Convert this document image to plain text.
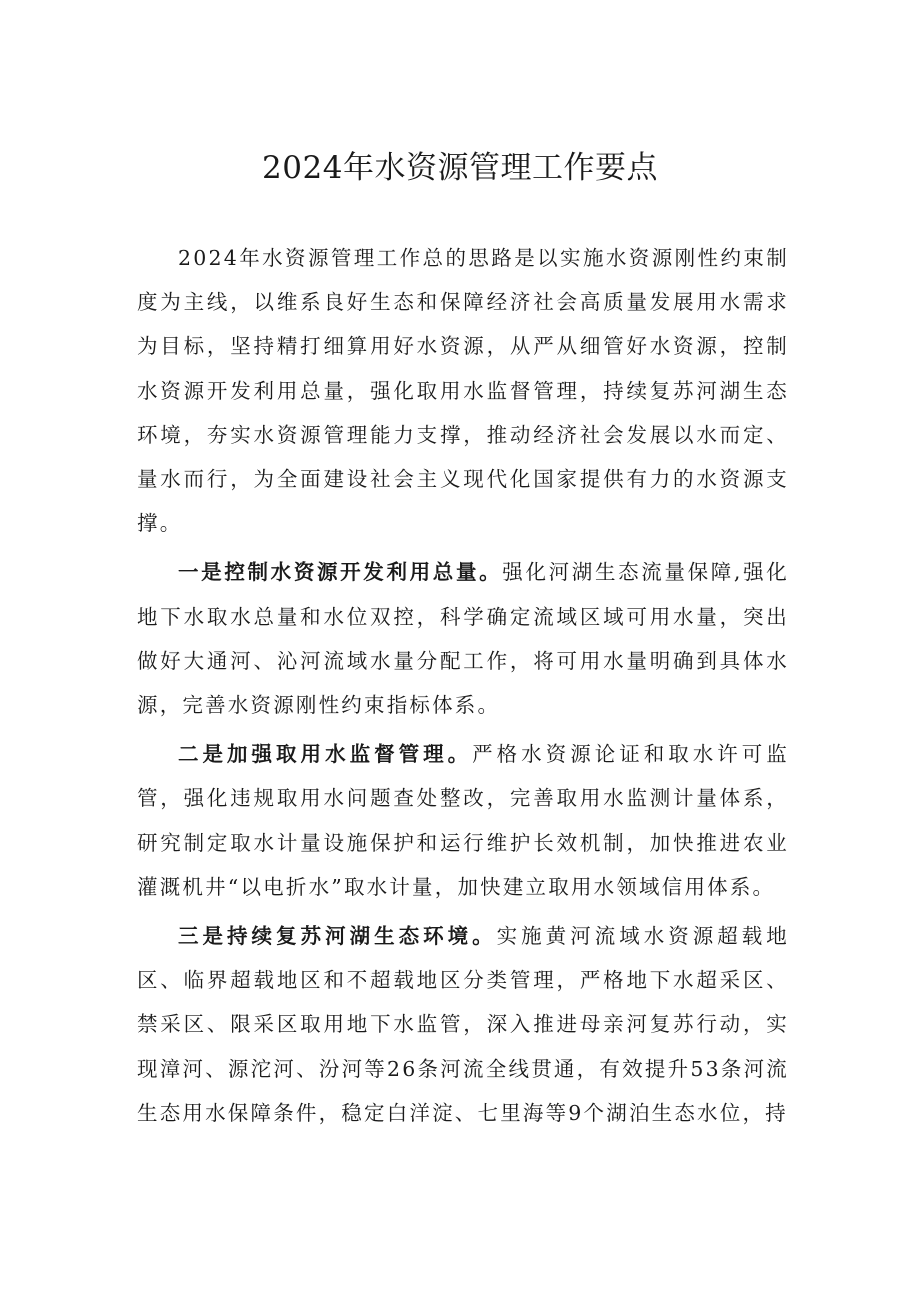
2024年水资源管理工作要点

2024年水资源管理工作总的思路是以实施水资源刚性约束制度为主线，以维系良好生态和保障经济社会高质量发展用水需求为目标，坚持精打细算用好水资源，从严从细管好水资源，控制水资源开发利用总量，强化取用水监督管理，持续复苏河湖生态环境，夯实水资源管理能力支撑，推动经济社会发展以水而定、量水而行，为全面建设社会主义现代化国家提供有力的水资源支撑。

一是控制水资源开发利用总量。强化河湖生态流量保障,强化地下水取水总量和水位双控，科学确定流域区域可用水量，突出做好大通河、沁河流域水量分配工作，将可用水量明确到具体水源，完善水资源刚性约束指标体系。

二是加强取用水监督管理。严格水资源论证和取水许可监管，强化违规取用水问题查处整改，完善取用水监测计量体系，研究制定取水计量设施保护和运行维护长效机制，加快推进农业灌溉机井“以电折水”取水计量，加快建立取用水领域信用体系。

三是持续复苏河湖生态环境。实施黄河流域水资源超载地区、临界超载地区和不超载地区分类管理，严格地下水超采区、禁采区、限采区取用地下水监管，深入推进母亲河复苏行动，实现漳河、源沱河、汾河等26条河流全线贯通，有效提升53条河流生态用水保障条件，稳定白洋淀、七里海等9个湖泊生态水位，持
